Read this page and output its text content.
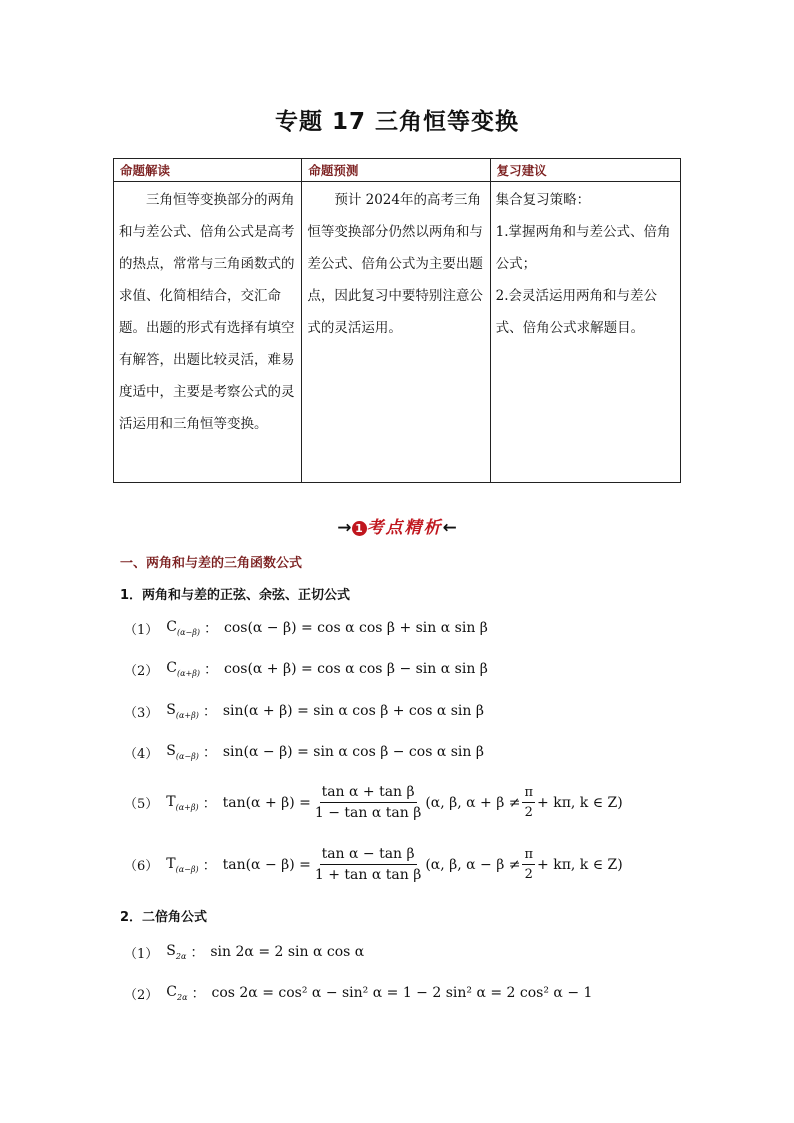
专题 17 三角恒等变换
命题解读	命题预测	复习建议
三角恒等变换部分的两角和与差公式、倍角公式是高考的热点，常常与三角函数式的求值、化简相结合，交汇命题。出题的形式有选择有填空有解答，出题比较灵活，难易度适中，主要是考察公式的灵活运用和三角恒等变换。	预计 2024年的高考三角恒等变换部分仍然以两角和与差公式、倍角公式为主要出题点，因此复习中要特别注意公式的灵活运用。	集合复习策略：
1.掌握两角和与差公式、倍角公式；
2.会灵活运用两角和与差公式、倍角公式求解题目。
→ 1 考点精析←
一、两角和与差的三角函数公式
1．两角和与差的正弦、余弦、正切公式
（1） $C_{(\alpha-\beta)}$ ： cos(α − β)
= cos α cos β + sin α sin β
（2） $C_{(\alpha+\beta)}$ ： cos(α + β)
= cos α cos β − sin α sin β
（3） $S_{(\alpha+\beta)}$ ： sin(α + β)
= sin α cos β + cos α sin β
（4） $S_{(\alpha-\beta)}$ ： sin(α − β)
= sin α cos β − cos α sin β
（5） $T_{(\alpha+\beta)}$ ： $\tan(\alpha + \beta) = \frac{\text{tan α + tan β}}{\text{1 − tan α tan β}} (\alpha$, β, $\alpha + \beta \ne \frac{\pi}{2} + k\pi$, k ∈ Z)
（6） $T_{(\alpha-\beta)}$ ： $\tan(\alpha - \beta) = \frac{\text{tan α − tan β}}{\text{1 + tan α tan β}} (\alpha$, β, $\alpha - \beta \ne \frac{\pi}{2} + k\pi$, k ∈ Z)
2．二倍角公式
（1） $S_{2\alpha}$ ： sin 2α = 2 sin α cos α
（2） $C_{2\alpha}$ ： cos 2α = cos² α − sin² α = 1 − 2 sin² α = 2 cos² α − 1
